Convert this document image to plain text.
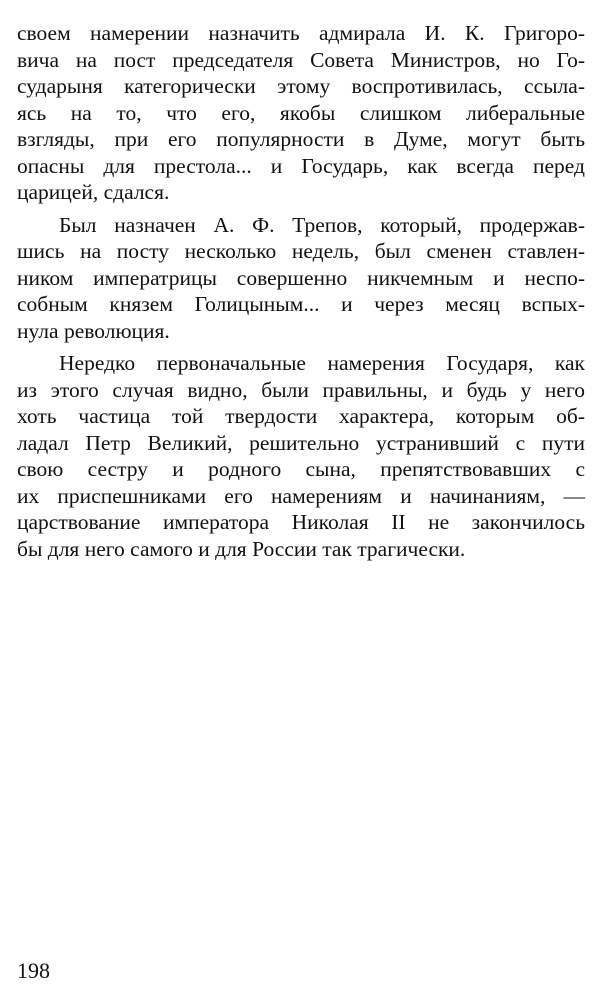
своем намерении назначить адмирала И. К. Григоро-
вича на пост председателя Совета Министров, но Го-
сударыня категорически этому воспротивилась, ссыла-
ясь на то, что его, якобы слишком либеральные
взгляды, при его популярности в Думе, могут быть
опасны для престола... и Государь, как всегда перед
царицей, сдался.

Был назначен А. Ф. Трепов, который, продержав-
шись на посту несколько недель, был сменен ставлен-
ником императрицы совершенно никчемным и неспо-
собным князем Голицыным... и через месяц вспых-
нула революция.

Нередко первоначальные намерения Государя, как
из этого случая видно, были правильны, и будь у него
хоть частица той твердости характера, которым об-
ладал Петр Великий, решительно устранивший с пути
свою сестру и родного сына, препятствовавших с
их приспешниками его намерениям и начинаниям, —
царствование императора Николая II не закончилось
бы для него самого и для России так трагически.

198
